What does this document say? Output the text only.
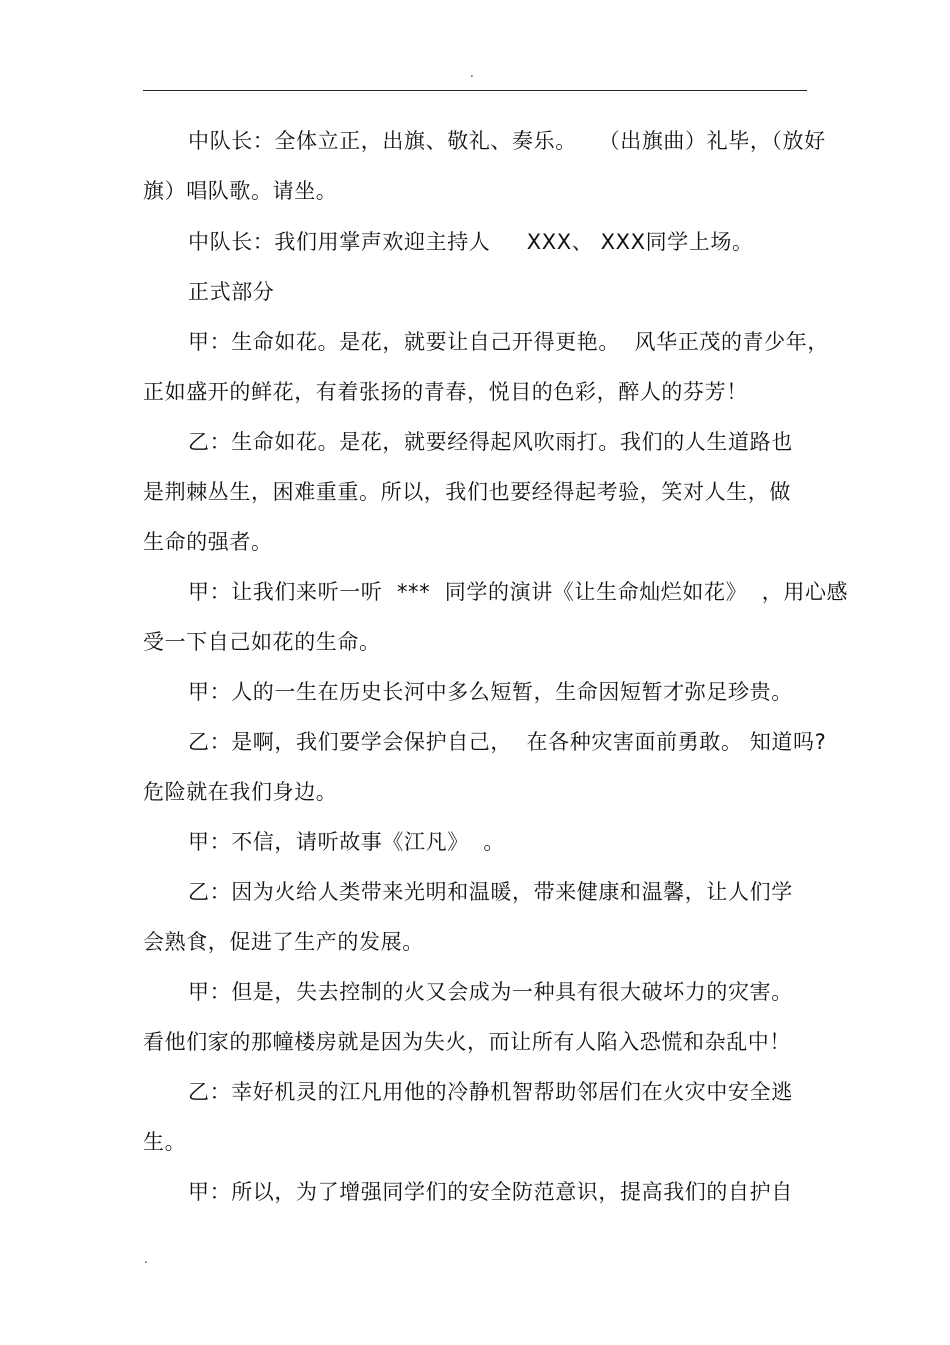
.
中队长：全体立正，出旗、敬礼、奏乐。   （出旗曲）礼毕，（放好
旗）唱队歌。请坐。
中队长：我们用掌声欢迎主持人     XXX、 XXX同学上场。
正式部分
甲：生命如花。是花，就要让自己开得更艳。  风华正茂的青少年，
正如盛开的鲜花，有着张扬的青春，悦目的色彩，醉人的芬芳！
乙：生命如花。是花，就要经得起风吹雨打。我们的人生道路也
是荆棘丛生，困难重重。所以，我们也要经得起考验，笑对人生，做
生命的强者。
甲：让我们来听一听  ***  同学的演讲《让生命灿烂如花》  ，用心感
受一下自己如花的生命。
甲：人的一生在历史长河中多么短暂，生命因短暂才弥足珍贵。
乙：是啊，我们要学会保护自己，  在各种灾害面前勇敢。 知道吗?
危险就在我们身边。
甲：不信，请听故事《江凡》  。
乙：因为火给人类带来光明和温暖，带来健康和温馨，让人们学
会熟食，促进了生产的发展。
甲：但是，失去控制的火又会成为一种具有很大破坏力的灾害。
看他们家的那幢楼房就是因为失火，而让所有人陷入恐慌和杂乱中！
乙：幸好机灵的江凡用他的冷静机智帮助邻居们在火灾中安全逃
生。
甲：所以，为了增强同学们的安全防范意识，提高我们的自护自
.
